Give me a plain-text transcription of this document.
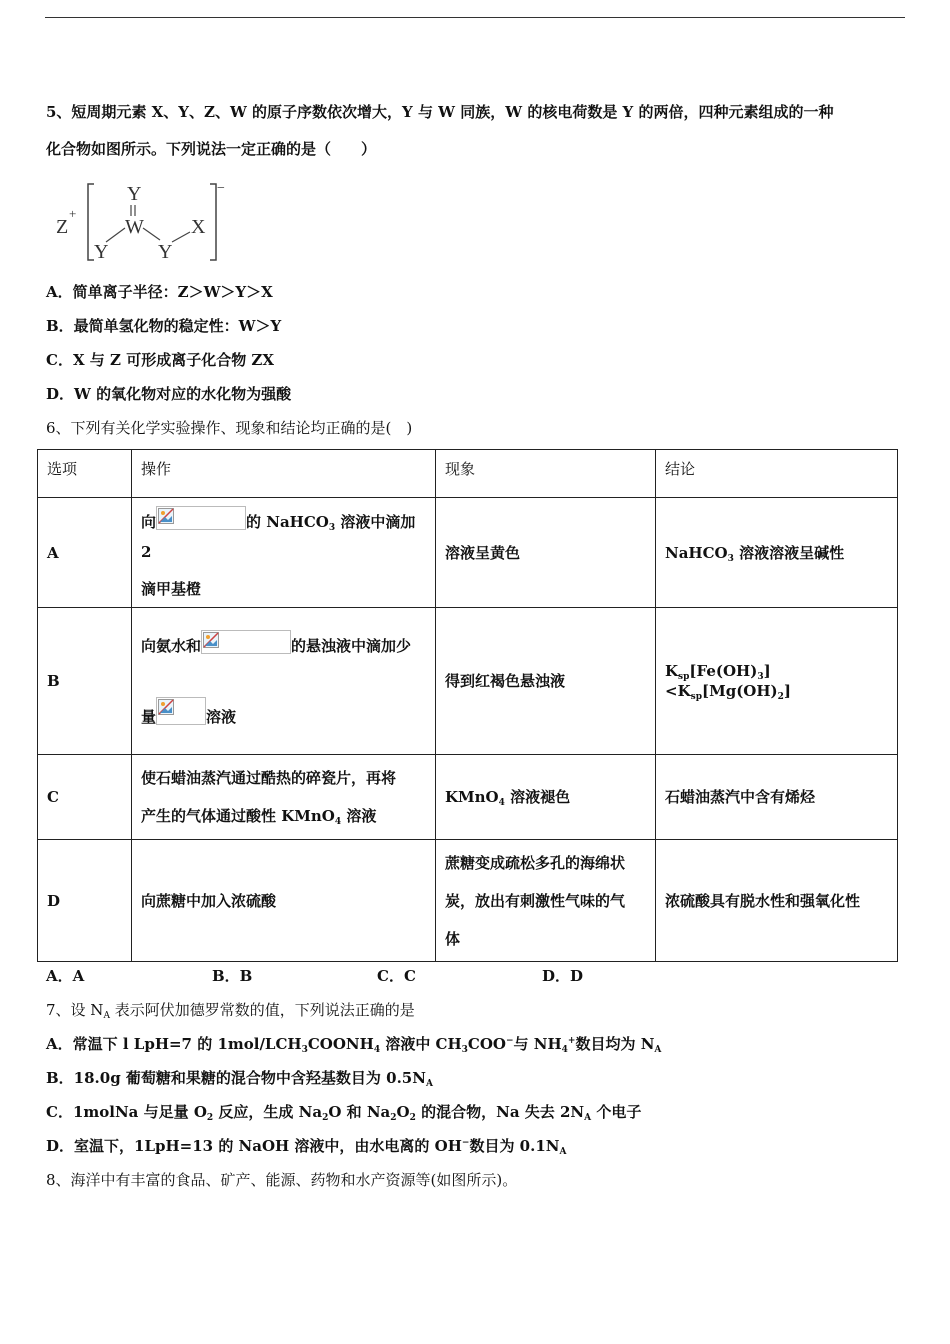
5、短周期元素 X、Y、Z、W 的原子序数依次增大，Y 与 W 同族，W 的核电荷数是 Y 的两倍，四种元素组成的一种
化合物如图所示。下列说法一定正确的是（　　）
Z
+
−
Y
W
Y Y
X
A．简单离子半径：Z＞W＞Y＞X
B．最简单氢化物的稳定性：W＞Y
C．X 与 Z 可形成离子化合物 ZX
D．W 的氧化物对应的水化物为强酸
6、下列有关化学实验操作、现象和结论均正确的是(　)
选项	操作	现象	结论
A	向 的 NaHCO$_3$ 溶液中滴加 2
滴甲基橙	溶液呈黄色	NaHCO$_3$ 溶液溶液呈碱性
B	向氨水和 的悬浊液中滴加少
量 溶液	得到红褐色悬浊液	$K_{sp}[Fe(OH)_3]<K_{sp}[Mg(OH)_2]$
C	使石蜡油蒸汽通过酷热的碎瓷片，再将
产生的气体通过酸性 KMnO$_4$ 溶液	KMnO$_4$ 溶液褪色	石蜡油蒸汽中含有烯烃
D	向蔗糖中加入浓硫酸	蔗糖变成疏松多孔的海绵状
炭，放出有刺激性气味的气
体	浓硫酸具有脱水性和强氧化性
A．A	B．B	C．C	D．D
7、设 $N_A$ 表示阿伏加德罗常数的值，下列说法正确的是
A．常温下 l LpH=7 的 $1mol/LCH_3COONH_4$ 溶液中 $CH_3COO^-$与 $NH_4^+$数目均为 $N_A$
B．18.0g 葡萄糖和果糖的混合物中含羟基数目为 $0.5N_A$
C．1molNa 与足量 $O_2$ 反应，生成 $Na_2O$ 和 $Na_2O_2$ 的混合物，Na 失去 $2N_A$ 个电子
D．室温下，1LpH=13 的 NaOH 溶液中，由水电离的 OH−数目为 $0.1N_A$
8、海洋中有丰富的食品、矿产、能源、药物和水产资源等(如图所示)。
